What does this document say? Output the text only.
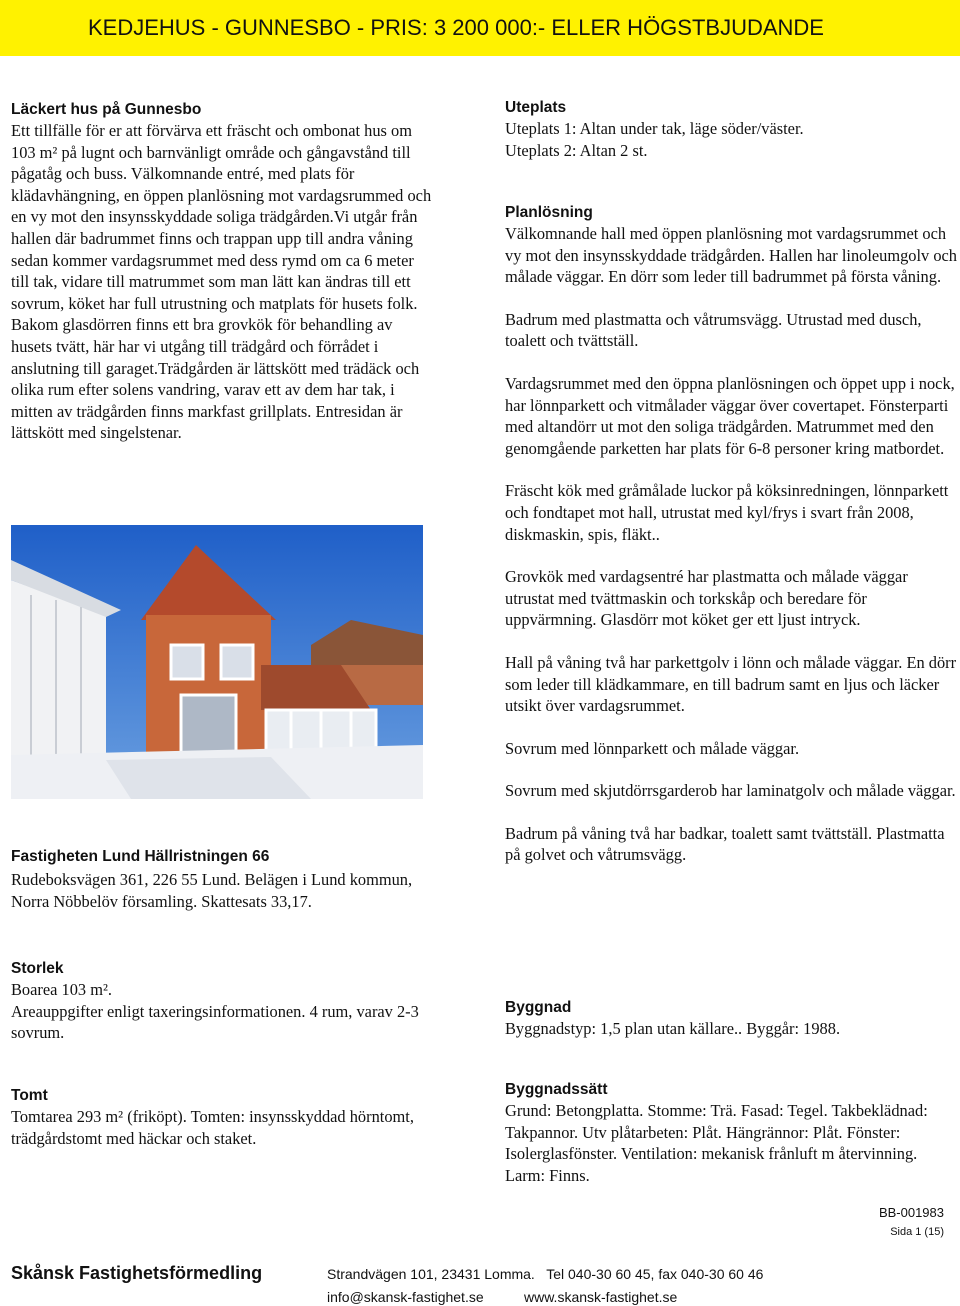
KEDJEHUS - GUNNESBO - PRIS: 3 200 000:- ELLER HÖGSTBJUDANDE

Läckert hus på Gunnesbo

Ett tillfälle för er att förvärva ett fräscht och ombonat hus om 103 m² på lugnt och barnvänligt område och gångavstånd till pågatåg och buss. Välkomnande entré, med plats för klädavhängning, en öppen planlösning mot vardagsrummed och en vy mot den insynsskyddade soliga trädgården.Vi utgår från hallen där badrummet finns och trappan upp till andra våning sedan kommer vardagsrummet med dess rymd om ca 6 meter till tak, vidare till matrummet som man lätt kan ändras till ett sovrum, köket har full utrustning och matplats för husets folk. Bakom glasdörren finns ett bra grovkök för behandling av husets tvätt, här har vi utgång till trädgård och förrådet i anslutning till garaget.Trädgården är lättskött med trädäck och olika rum efter solens vandring, varav ett av dem har tak, i mitten av trädgården finns markfast grillplats. Entresidan är lättskött med singelstenar.

Fastigheten Lund Hällristningen 66

Rudeboksvägen 361, 226 55 Lund. Belägen i Lund kommun, Norra Nöbbelöv församling. Skattesats 33,17.

Storlek

Boarea 103 m².

Areauppgifter enligt taxeringsinformationen. 4 rum, varav 2-3 sovrum.

Tomt

Tomtarea 293 m² (friköpt). Tomten: insynsskyddad hörntomt, trädgårdstomt med häckar och staket.

Uteplats

Uteplats 1: Altan under tak, läge söder/väster.

Uteplats 2: Altan 2 st.

Planlösning

Välkomnande hall med öppen planlösning mot vardagsrummet och vy mot den insynsskyddade trädgården. Hallen har linoleumgolv och målade väggar. En dörr som leder till badrummet på första våning.

Badrum med plastmatta och våtrumsvägg. Utrustad med dusch, toalett och tvättställ.

Vardagsrummet med den öppna planlösningen och öppet upp i nock, har lönnparkett och vitmålader väggar över covertapet. Fönsterparti med altandörr ut mot den soliga trädgården. Matrummet med den genomgående parketten har plats för 6-8 personer kring matbordet.

Fräscht kök med gråmålade luckor på köksinredningen, lönnparkett och fondtapet mot hall, utrustat med kyl/frys i svart från 2008, diskmaskin, spis, fläkt..

Grovkök med vardagsentré har plastmatta och målade väggar utrustat med tvättmaskin och torkskåp och beredare för uppvärmning. Glasdörr mot köket ger ett ljust intryck.

Hall på våning två har parkettgolv i lönn och målade väggar. En dörr som leder till klädkammare, en till badrum samt en ljus och läcker utsikt över vardagsrummet.

Sovrum med lönnparkett och målade väggar.

Sovrum med skjutdörrsgarderob har laminatgolv och målade väggar.

Badrum på våning två har badkar, toalett samt tvättställ. Plastmatta på golvet och våtrumsvägg.

Byggnad

Byggnadstyp: 1,5 plan utan källare.. Byggår: 1988.

Byggnadssätt

Grund: Betongplatta. Stomme: Trä. Fasad: Tegel. Takbeklädnad: Takpannor. Utv plåtarbeten: Plåt. Hängrännor: Plåt. Fönster: Isolerglasfönster. Ventilation: mekanisk frånluft m återvinning. Larm: Finns.

BB-001983
Sida 1 (15)
Skånsk Fastighetsförmedling	Strandvägen 101, 23431 Lomma. Tel 040-30 60 45, fax 040-30 60 46
info@skansk-fastighet.se	www.skansk-fastighet.se
